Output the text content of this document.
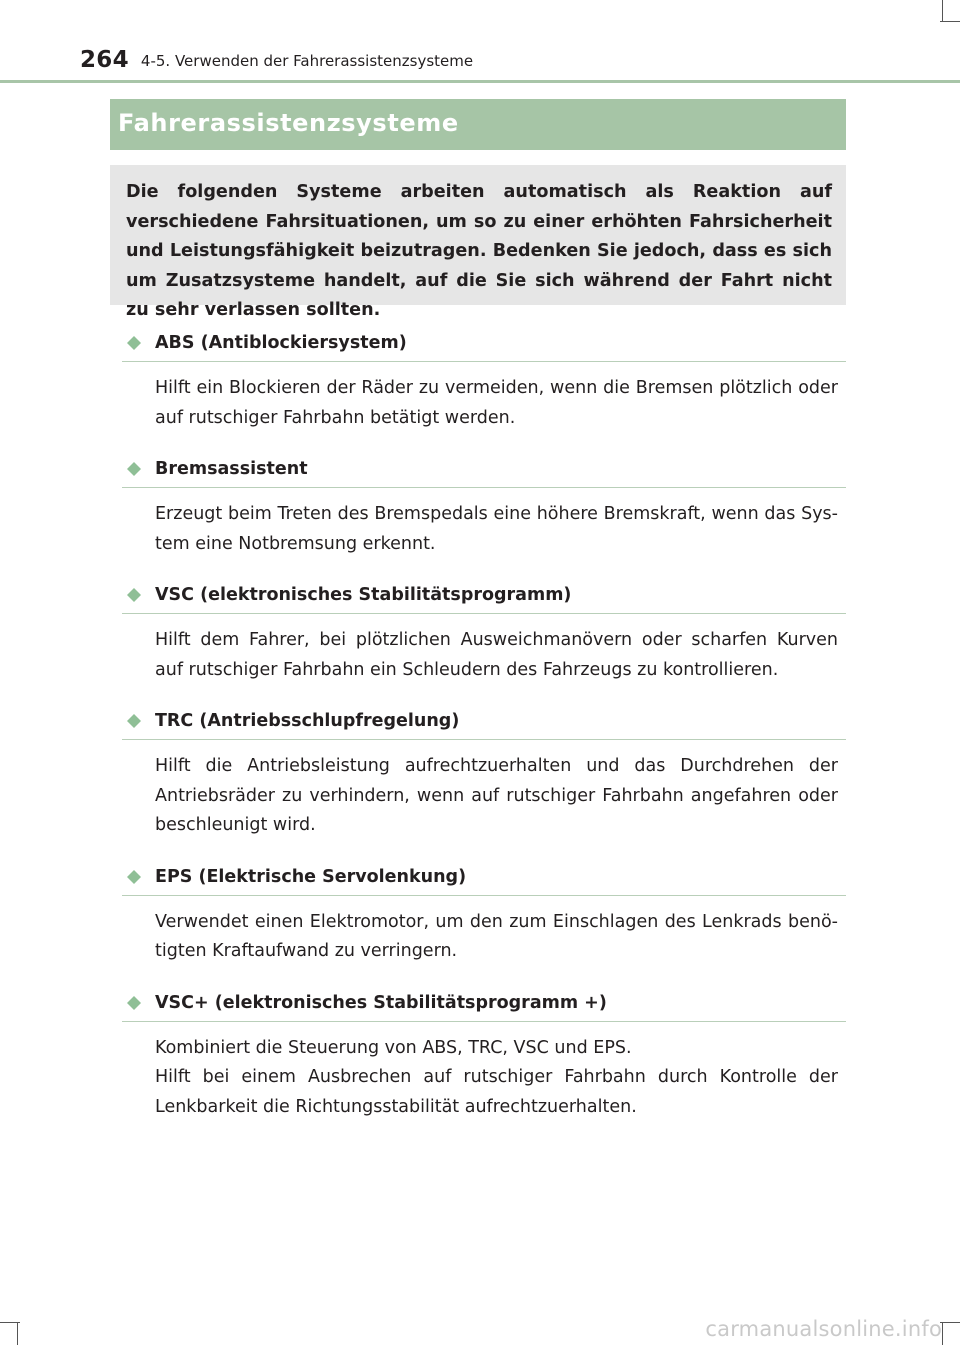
264 4-5. Verwenden der Fahrerassistenzsysteme
Fahrerassistenzsysteme

Die folgenden Systeme arbeiten automatisch als Reaktion auf verschiedene Fahrsituationen, um so zu einer erhöhten Fahrsicherheit und Leistungsfähigkeit beizutragen. Bedenken Sie jedoch, dass es sich um Zusatzsysteme handelt, auf die Sie sich während der Fahrt nicht zu sehr verlassen sollten.

ABS (Antiblockiersystem)

Hilft ein Blockieren der Räder zu vermeiden, wenn die Bremsen plötzlich oder auf rutschiger Fahrbahn betätigt werden.

Bremsassistent

Erzeugt beim Treten des Bremspedals eine höhere Bremskraft, wenn das System eine Notbremsung erkennt.

VSC (elektronisches Stabilitätsprogramm)

Hilft dem Fahrer, bei plötzlichen Ausweichmanövern oder scharfen Kurven auf rutschiger Fahrbahn ein Schleudern des Fahrzeugs zu kontrollieren.

TRC (Antriebsschlupfregelung)

Hilft die Antriebsleistung aufrechtzuerhalten und das Durchdrehen der Antriebsräder zu verhindern, wenn auf rutschiger Fahrbahn angefahren oder beschleunigt wird.

EPS (Elektrische Servolenkung)

Verwendet einen Elektromotor, um den zum Einschlagen des Lenkrads benötigten Kraftaufwand zu verringern.

VSC+ (elektronisches Stabilitätsprogramm +)

Kombiniert die Steuerung von ABS, TRC, VSC und EPS.

Hilft bei einem Ausbrechen auf rutschiger Fahrbahn durch Kontrolle der Lenkbarkeit die Richtungsstabilität aufrechtzuerhalten.

carmanualsonline.info
